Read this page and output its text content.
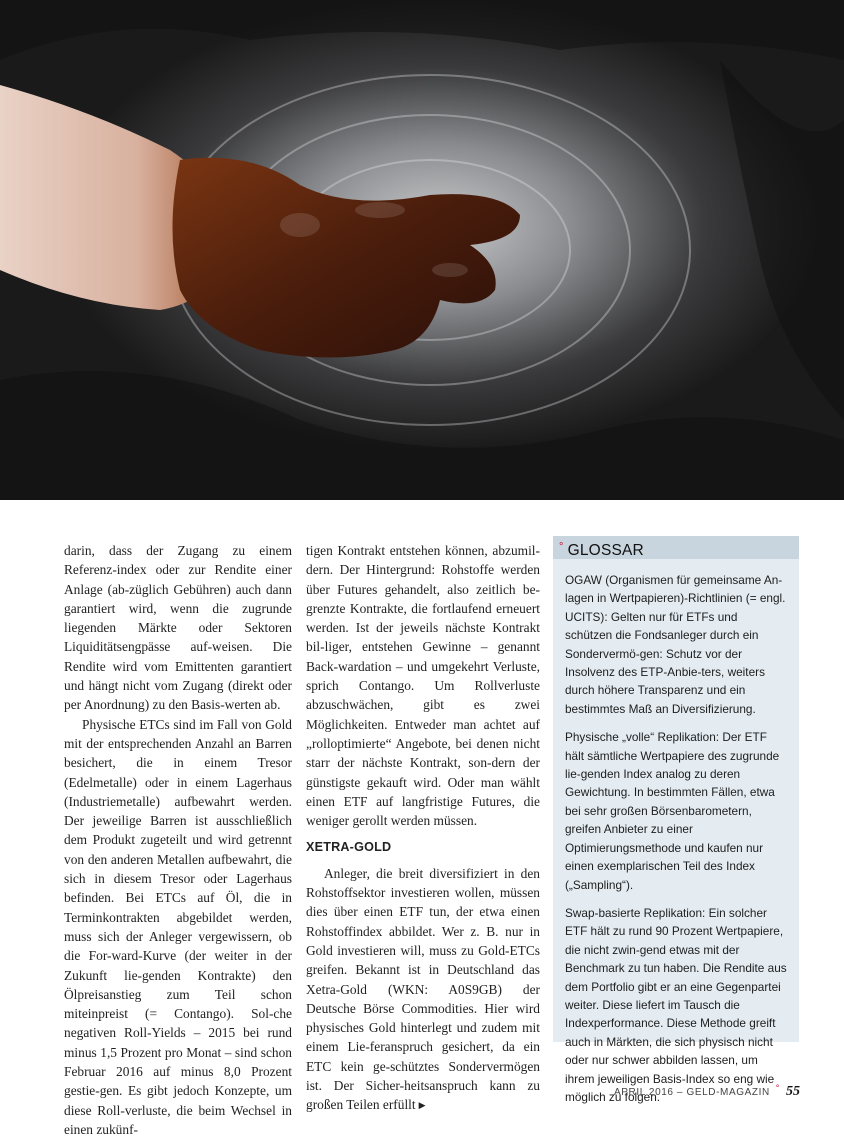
darin, dass der Zugang zu einem Referenz-index oder zur Rendite einer Anlage (ab-züglich Gebühren) auch dann garantiert wird, wenn die zugrunde liegenden Märkte oder Sektoren Liquiditätsengpässe auf-weisen. Die Rendite wird vom Emittenten garantiert und hängt nicht vom Zugang (direkt oder per Anordnung) zu den Basis-werten ab.

Physische ETCs sind im Fall von Gold mit der entsprechenden Anzahl an Barren besichert, die in einem Tresor (Edelmetalle) oder in einem Lagerhaus (Industriemetalle) aufbewahrt werden. Der jeweilige Barren ist ausschließlich dem Produkt zugeteilt und wird getrennt von den anderen Metallen aufbewahrt, die sich in diesem Tresor oder Lagerhaus befinden. Bei ETCs auf Öl, die in Terminkontrakten abgebildet werden, muss sich der Anleger vergewissern, ob die For-ward-Kurve (der weiter in der Zukunft lie-genden Kontrakte) den Ölpreisanstieg zum Teil schon miteinpreist (= Contango). Sol-che negativen Roll-Yields – 2015 bei rund minus 1,5 Prozent pro Monat – sind schon Februar 2016 auf minus 8,0 Prozent gestie-gen. Es gibt jedoch Konzepte, um diese Roll-verluste, die beim Wechsel in einen zukünf-

tigen Kontrakt entstehen können, abzumil-dern. Der Hintergrund: Rohstoffe werden über Futures gehandelt, also zeitlich be-grenzte Kontrakte, die fortlaufend erneuert werden. Ist der jeweils nächste Kontrakt bil-liger, entstehen Gewinne – genannt Back-wardation – und umgekehrt Verluste, sprich Contango. Um Rollverluste abzuschwächen, gibt es zwei Möglichkeiten. Entweder man achtet auf „rolloptimierte“ Angebote, bei denen nicht starr der nächste Kontrakt, son-dern der günstigste gekauft wird. Oder man wählt einen ETF auf langfristige Futures, die weniger gerollt werden müssen.

XETRA-GOLD

Anleger, die breit diversifiziert in den Rohstoffsektor investieren wollen, müssen dies über einen ETF tun, der etwa einen Rohstoffindex abbildet. Wer z. B. nur in Gold investieren will, muss zu Gold-ETCs greifen. Bekannt ist in Deutschland das Xetra-Gold (WKN: A0S9GB) der Deutsche Börse Commodities. Hier wird physisches Gold hinterlegt und zudem mit einem Lie-feranspruch gesichert, da ein ETC kein ge-schütztes Sondervermögen ist. Der Sicher-heitsanspruch kann zu großen Teilen erfüllt ▶

° GLOSSAR

OGAW (Organismen für gemeinsame An-lagen in Wertpapieren)-Richtlinien (= engl. UCITS): Gelten nur für ETFs und schützen die Fondsanleger durch ein Sondervermö-gen: Schutz vor der Insolvenz des ETP-Anbie-ters, weiters durch höhere Transparenz und ein bestimmtes Maß an Diversifizierung.

Physische „volle“ Replikation: Der ETF hält sämtliche Wertpapiere des zugrunde lie-genden Index analog zu deren Gewichtung. In bestimmten Fällen, etwa bei sehr großen Börsenbarometern, greifen Anbieter zu einer Optimierungsmethode und kaufen nur einen exemplarischen Teil des Index („Sampling“).

Swap-basierte Replikation: Ein solcher ETF hält zu rund 90 Prozent Wertpapiere, die nicht zwin-gend etwas mit der Benchmark zu tun haben. Die Rendite aus dem Portfolio gibt er an eine Gegenpartei weiter. Diese liefert im Tausch die Indexperformance. Diese Methode greift auch in Märkten, die sich physisch nicht oder nur schwer abbilden lassen, um ihrem jeweiligen Basis-Index so eng wie möglich zu folgen.

APRIL 2016 – GELD-MAGAZIN ° 55
